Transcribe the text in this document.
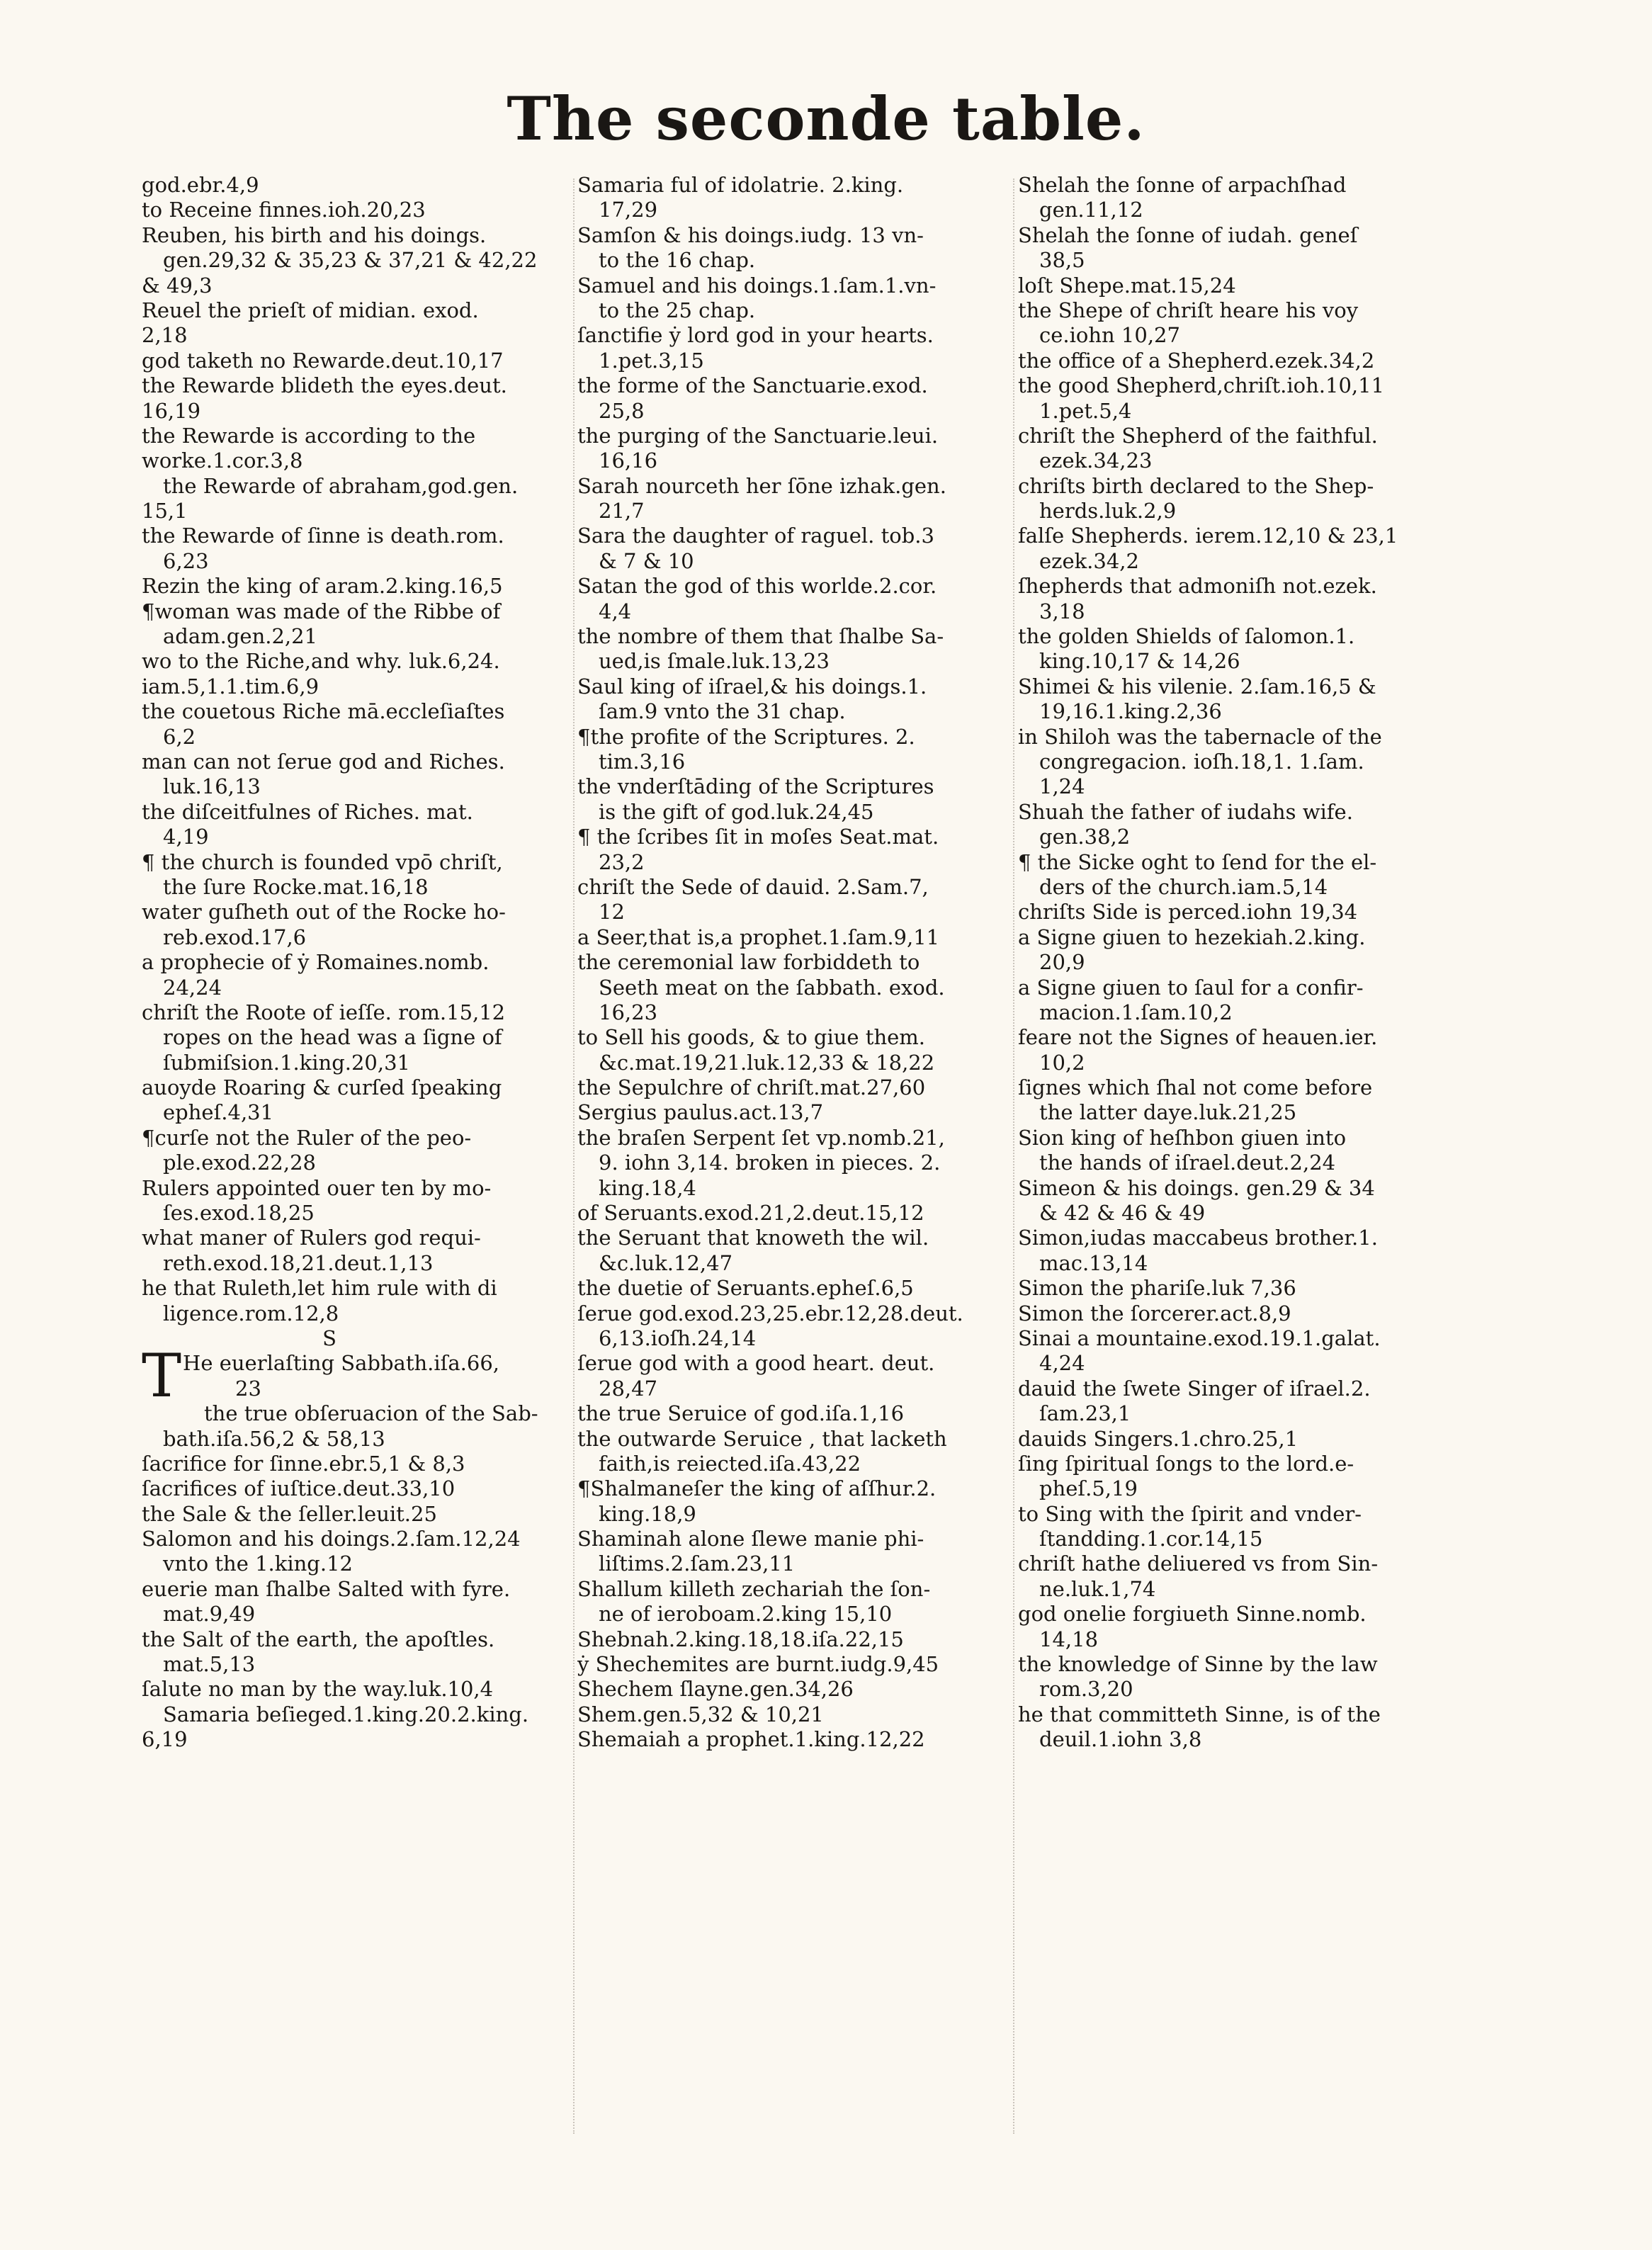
The seconde table.
god.ebr.4,9
to Receine finnes.ioh.20,23
Reuben, his birth and his doings.
gen.29,32 & 35,23 & 37,21 & 42,22
& 49,3
Reuel the prieſt of midian. exod.
2,18
god taketh no Rewarde.deut.10,17
the Rewarde blideth the eyes.deut.
16,19
the Rewarde is according to the
worke.1.cor.3,8
the Rewarde of abraham,god.gen.
15,1
the Rewarde of ſinne is death.rom.
6,23
Rezin the king of aram.2.king.16,5
¶woman was made of the Ribbe of
adam.gen.2,21
wo to the Riche,and why. luk.6,24.
iam.5,1.1.tim.6,9
the couetous Riche mā.eccleſiaſtes
6,2
man can not ſerue god and Riches.
luk.16,13
the diſceitfulnes of Riches. mat.
4,19
¶ the church is founded vpō chriſt,
the ſure Rocke.mat.16,18
water guſheth out of the Rocke ho-
reb.exod.17,6
a prophecie of ẏ Romaines.nomb.
24,24
chriſt the Roote of ieſſe. rom.15,12
ropes on the head was a ſigne of
ſubmiſsion.1.king.20,31
auoyde Roaring & curſed ſpeaking
epheſ.4,31
¶curſe not the Ruler of the peo-
ple.exod.22,28
Rulers appointed ouer ten by mo-
ſes.exod.18,25
what maner of Rulers god requi-
reth.exod.18,21.deut.1,13
he that Ruleth,let him rule with di
ligence.rom.12,8
S
T He euerlaſting Sabbath.iſa.66,
23
the true obſeruacion of the Sab-
bath.iſa.56,2 & 58,13
ſacrifice for ſinne.ebr.5,1 & 8,3
ſacrifices of iuſtice.deut.33,10
the Sale & the ſeller.leuit.25
Salomon and his doings.2.ſam.12,24
vnto the 1.king.12
euerie man ſhalbe Salted with fyre.
mat.9,49
the Salt of the earth, the apoſtles.
mat.5,13
ſalute no man by the way.luk.10,4
Samaria beſieged.1.king.20.2.king.
6,19
Samaria ful of idolatrie. 2.king.
17,29
Samſon & his doings.iudg. 13 vn-
to the 16 chap.
Samuel and his doings.1.ſam.1.vn-
to the 25 chap.
ſanctifie ẏ lord god in your hearts.
1.pet.3,15
the forme of the Sanctuarie.exod.
25,8
the purging of the Sanctuarie.leui.
16,16
Sarah nourceth her ſōne izhak.gen.
21,7
Sara the daughter of raguel. tob.3
& 7 & 10
Satan the god of this worlde.2.cor.
4,4
the nombre of them that ſhalbe Sa-
ued,is ſmale.luk.13,23
Saul king of iſrael,& his doings.1.
ſam.9 vnto the 31 chap.
¶the profite of the Scriptures. 2.
tim.3,16
the vnderſtāding of the Scriptures
is the gift of god.luk.24,45
¶ the ſcribes ſit in moſes Seat.mat.
23,2
chriſt the Sede of dauid. 2.Sam.7,
12
a Seer,that is,a prophet.1.ſam.9,11
the ceremonial law forbiddeth to
Seeth meat on the ſabbath. exod.
16,23
to Sell his goods, & to giue them.
&c.mat.19,21.luk.12,33 & 18,22
the Sepulchre of chriſt.mat.27,60
Sergius paulus.act.13,7
the braſen Serpent ſet vp.nomb.21,
9. iohn 3,14. broken in pieces. 2.
king.18,4
of Seruants.exod.21,2.deut.15,12
the Seruant that knoweth the wil.
&c.luk.12,47
the duetie of Seruants.epheſ.6,5
ſerue god.exod.23,25.ebr.12,28.deut.
6,13.ioſh.24,14
ſerue god with a good heart. deut.
28,47
the true Seruice of god.iſa.1,16
the outwarde Seruice , that lacketh
faith,is reiected.iſa.43,22
¶Shalmaneſer the king of aſſhur.2.
king.18,9
Shaminah alone ſlewe manie phi-
liſtims.2.ſam.23,11
Shallum killeth zechariah the ſon-
ne of ieroboam.2.king 15,10
Shebnah.2.king.18,18.iſa.22,15
ẏ Shechemites are burnt.iudg.9,45
Shechem ſlayne.gen.34,26
Shem.gen.5,32 & 10,21
Shemaiah a prophet.1.king.12,22
Shelah the ſonne of arpachſhad
gen.11,12
Shelah the ſonne of iudah. geneſ
38,5
loſt Shepe.mat.15,24
the Shepe of chriſt heare his voy
ce.iohn 10,27
the office of a Shepherd.ezek.34,2
the good Shepherd,chriſt.ioh.10,11
1.pet.5,4
chriſt the Shepherd of the faithful.
ezek.34,23
chriſts birth declared to the Shep-
herds.luk.2,9
falſe Shepherds. ierem.12,10 & 23,1
ezek.34,2
ſhepherds that admoniſh not.ezek.
3,18
the golden Shields of ſalomon.1.
king.10,17 & 14,26
Shimei & his vilenie. 2.ſam.16,5 &
19,16.1.king.2,36
in Shiloh was the tabernacle of the
congregacion. ioſh.18,1. 1.ſam.
1,24
Shuah the father of iudahs wife.
gen.38,2
¶ the Sicke oght to ſend for the el-
ders of the church.iam.5,14
chriſts Side is perced.iohn 19,34
a Signe giuen to hezekiah.2.king.
20,9
a Signe giuen to ſaul for a confir-
macion.1.ſam.10,2
feare not the Signes of heauen.ier.
10,2
ſignes which ſhal not come before
the latter daye.luk.21,25
Sion king of heſhbon giuen into
the hands of iſrael.deut.2,24
Simeon & his doings. gen.29 & 34
& 42 & 46 & 49
Simon,iudas maccabeus brother.1.
mac.13,14
Simon the phariſe.luk 7,36
Simon the ſorcerer.act.8,9
Sinai a mountaine.exod.19.1.galat.
4,24
dauid the ſwete Singer of iſrael.2.
ſam.23,1
dauids Singers.1.chro.25,1
ſing ſpiritual ſongs to the lord.e-
pheſ.5,19
to Sing with the ſpirit and vnder-
ſtandding.1.cor.14,15
chriſt hathe deliuered vs from Sin-
ne.luk.1,74
god onelie forgiueth Sinne.nomb.
14,18
the knowledge of Sinne by the law
rom.3,20
he that committeth Sinne, is of the
deuil.1.iohn 3,8
